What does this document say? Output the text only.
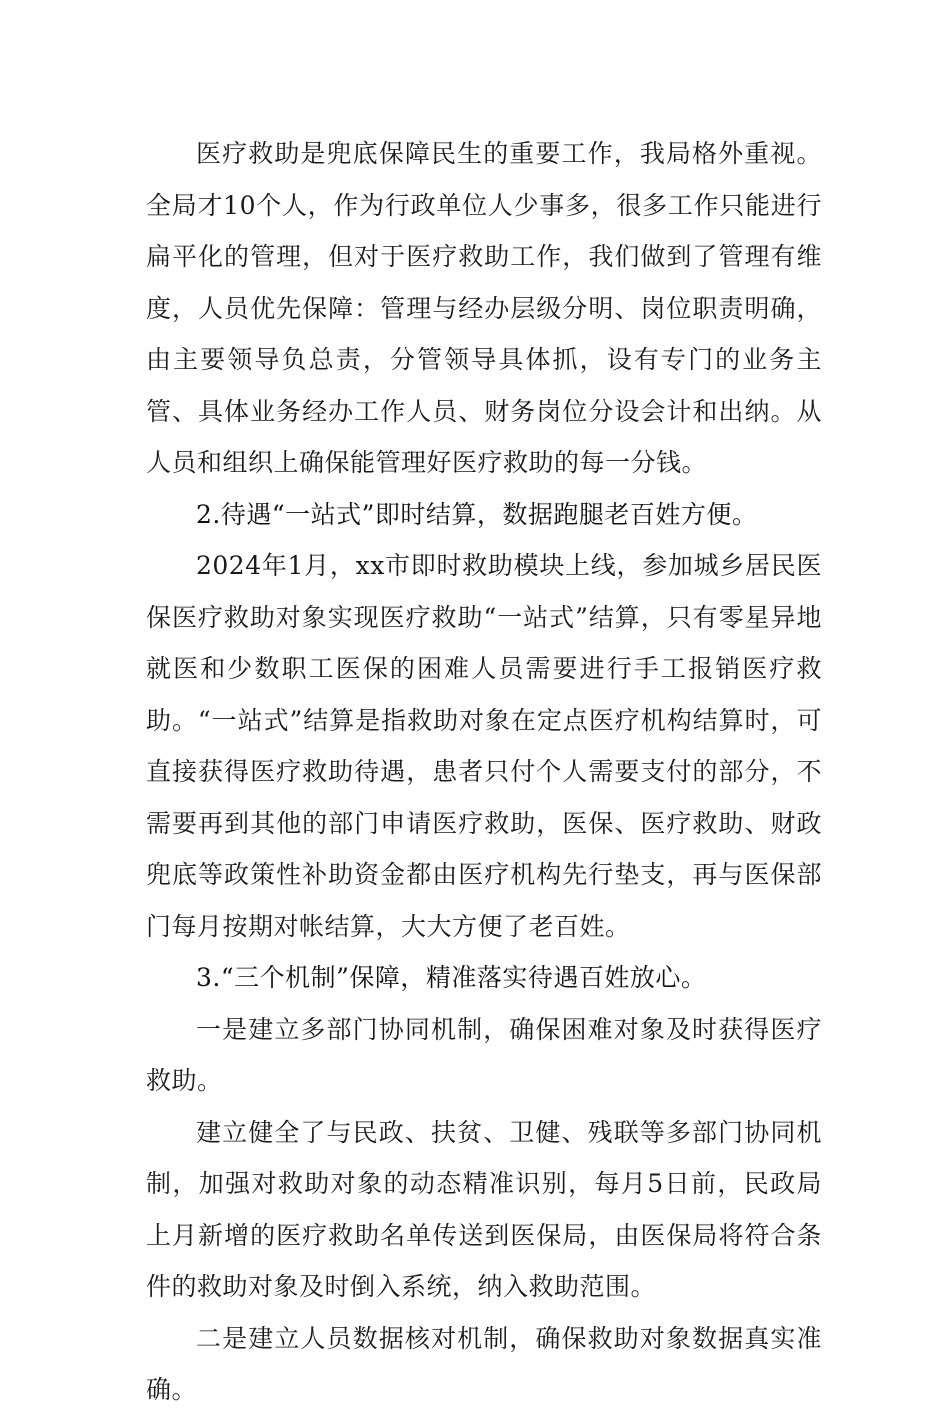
医疗救助是兜底保障民生的重要工作，我局格外重视。全局才10个人，作为行政单位人少事多，很多工作只能进行扁平化的管理，但对于医疗救助工作，我们做到了管理有维度，人员优先保障：管理与经办层级分明、岗位职责明确，由主要领导负总责，分管领导具体抓，设有专门的业务主管、具体业务经办工作人员、财务岗位分设会计和出纳。从人员和组织上确保能管理好医疗救助的每一分钱。

2.待遇“一站式”即时结算，数据跑腿老百姓方便。

2024年1月，xx市即时救助模块上线，参加城乡居民医保医疗救助对象实现医疗救助“一站式”结算，只有零星异地就医和少数职工医保的困难人员需要进行手工报销医疗救助。“一站式”结算是指救助对象在定点医疗机构结算时，可直接获得医疗救助待遇，患者只付个人需要支付的部分，不需要再到其他的部门申请医疗救助，医保、医疗救助、财政兜底等政策性补助资金都由医疗机构先行垫支，再与医保部门每月按期对帐结算，大大方便了老百姓。

3.“三个机制”保障，精准落实待遇百姓放心。

一是建立多部门协同机制，确保困难对象及时获得医疗救助。

建立健全了与民政、扶贫、卫健、残联等多部门协同机制，加强对救助对象的动态精准识别，每月5日前，民政局上月新增的医疗救助名单传送到医保局，由医保局将符合条件的救助对象及时倒入系统，纳入救助范围。

二是建立人员数据核对机制，确保救助对象数据真实准确。
